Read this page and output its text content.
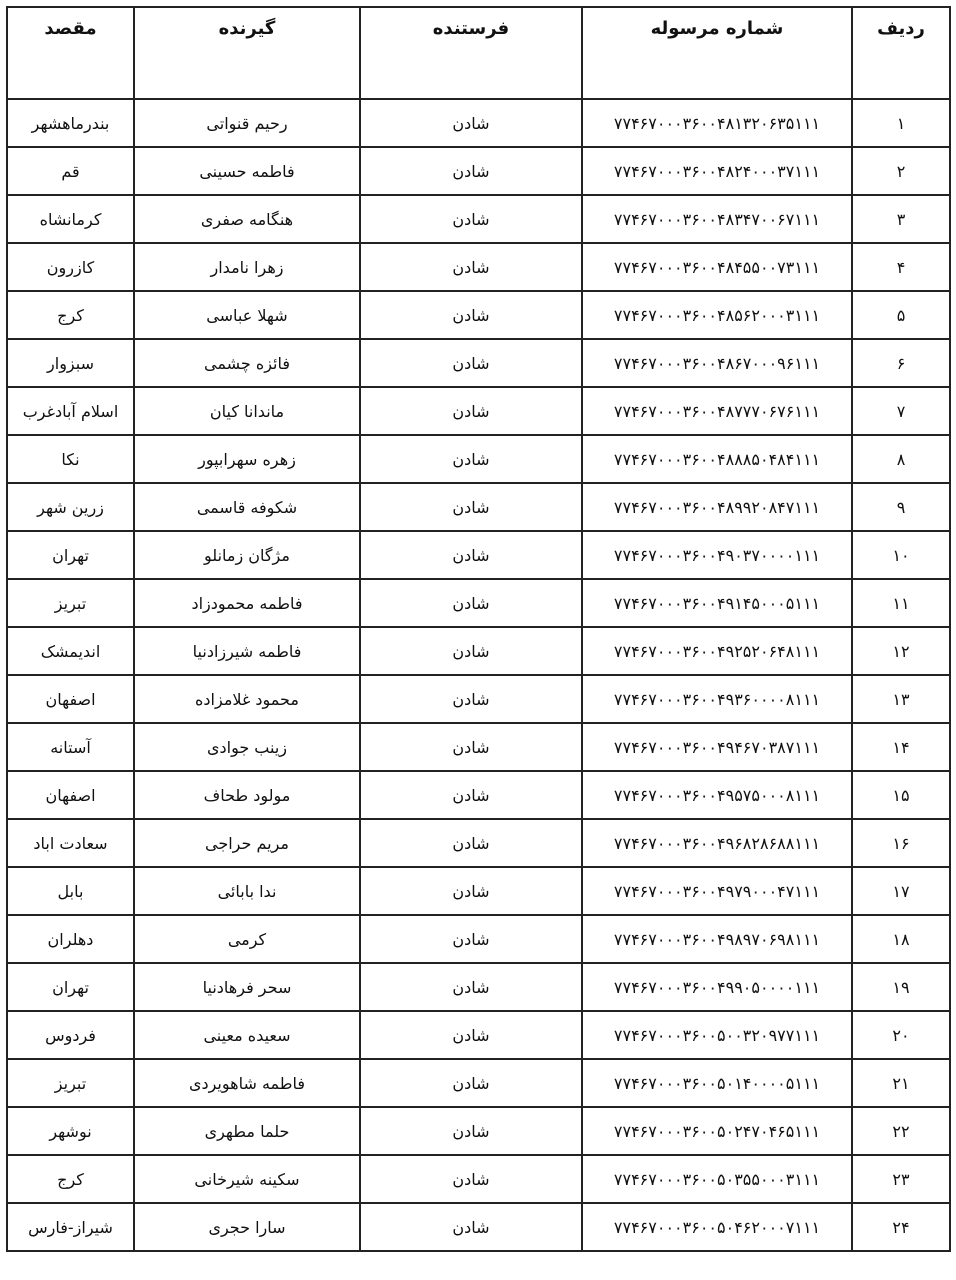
ردیف	شماره مرسوله	فرستنده	گیرنده	مقصد
۱	۷۷۴۶۷۰۰۰۳۶۰۰۴۸۱۳۲۰۶۳۵۱۱۱	شادن	رحیم قنواتی	بندرماهشهر
۲	۷۷۴۶۷۰۰۰۳۶۰۰۴۸۲۴۰۰۰۳۷۱۱۱	شادن	فاطمه حسینی	قم
۳	۷۷۴۶۷۰۰۰۳۶۰۰۴۸۳۴۷۰۰۶۷۱۱۱	شادن	هنگامه صفری	کرمانشاه
۴	۷۷۴۶۷۰۰۰۳۶۰۰۴۸۴۵۵۰۰۷۳۱۱۱	شادن	زهرا نامدار	کازرون
۵	۷۷۴۶۷۰۰۰۳۶۰۰۴۸۵۶۲۰۰۰۳۱۱۱	شادن	شهلا عباسی	کرج
۶	۷۷۴۶۷۰۰۰۳۶۰۰۴۸۶۷۰۰۰۹۶۱۱۱	شادن	فائزه چشمی	سبزوار
۷	۷۷۴۶۷۰۰۰۳۶۰۰۴۸۷۷۷۰۶۷۶۱۱۱	شادن	ماندانا کیان	اسلام آبادغرب
۸	۷۷۴۶۷۰۰۰۳۶۰۰۴۸۸۸۵۰۴۸۴۱۱۱	شادن	زهره سهرابپور	نکا
۹	۷۷۴۶۷۰۰۰۳۶۰۰۴۸۹۹۲۰۸۴۷۱۱۱	شادن	شکوفه قاسمی	زرین شهر
۱۰	۷۷۴۶۷۰۰۰۳۶۰۰۴۹۰۳۷۰۰۰۰۱۱۱	شادن	مژگان زمانلو	تهران
۱۱	۷۷۴۶۷۰۰۰۳۶۰۰۴۹۱۴۵۰۰۰۵۱۱۱	شادن	فاطمه محمودزاد	تبریز
۱۲	۷۷۴۶۷۰۰۰۳۶۰۰۴۹۲۵۲۰۶۴۸۱۱۱	شادن	فاطمه شیرزادنیا	اندیمشک
۱۳	۷۷۴۶۷۰۰۰۳۶۰۰۴۹۳۶۰۰۰۰۸۱۱۱	شادن	محمود غلامزاده	اصفهان
۱۴	۷۷۴۶۷۰۰۰۳۶۰۰۴۹۴۶۷۰۳۸۷۱۱۱	شادن	زینب جوادی	آستانه
۱۵	۷۷۴۶۷۰۰۰۳۶۰۰۴۹۵۷۵۰۰۰۸۱۱۱	شادن	مولود طحاف	اصفهان
۱۶	۷۷۴۶۷۰۰۰۳۶۰۰۴۹۶۸۲۸۶۸۸۱۱۱	شادن	مریم حراجی	سعادت اباد
۱۷	۷۷۴۶۷۰۰۰۳۶۰۰۴۹۷۹۰۰۰۴۷۱۱۱	شادن	ندا بابائی	بابل
۱۸	۷۷۴۶۷۰۰۰۳۶۰۰۴۹۸۹۷۰۶۹۸۱۱۱	شادن	کرمی	دهلران
۱۹	۷۷۴۶۷۰۰۰۳۶۰۰۴۹۹۰۵۰۰۰۰۱۱۱	شادن	سحر فرهادنیا	تهران
۲۰	۷۷۴۶۷۰۰۰۳۶۰۰۵۰۰۳۲۰۹۷۷۱۱۱	شادن	سعیده معینی	فردوس
۲۱	۷۷۴۶۷۰۰۰۳۶۰۰۵۰۱۴۰۰۰۰۵۱۱۱	شادن	فاطمه شاهویردی	تبریز
۲۲	۷۷۴۶۷۰۰۰۳۶۰۰۵۰۲۴۷۰۴۶۵۱۱۱	شادن	حلما مطهری	نوشهر
۲۳	۷۷۴۶۷۰۰۰۳۶۰۰۵۰۳۵۵۰۰۰۳۱۱۱	شادن	سکینه شیرخانی	کرج
۲۴	۷۷۴۶۷۰۰۰۳۶۰۰۵۰۴۶۲۰۰۰۷۱۱۱	شادن	سارا حجری	شیراز-فارس
